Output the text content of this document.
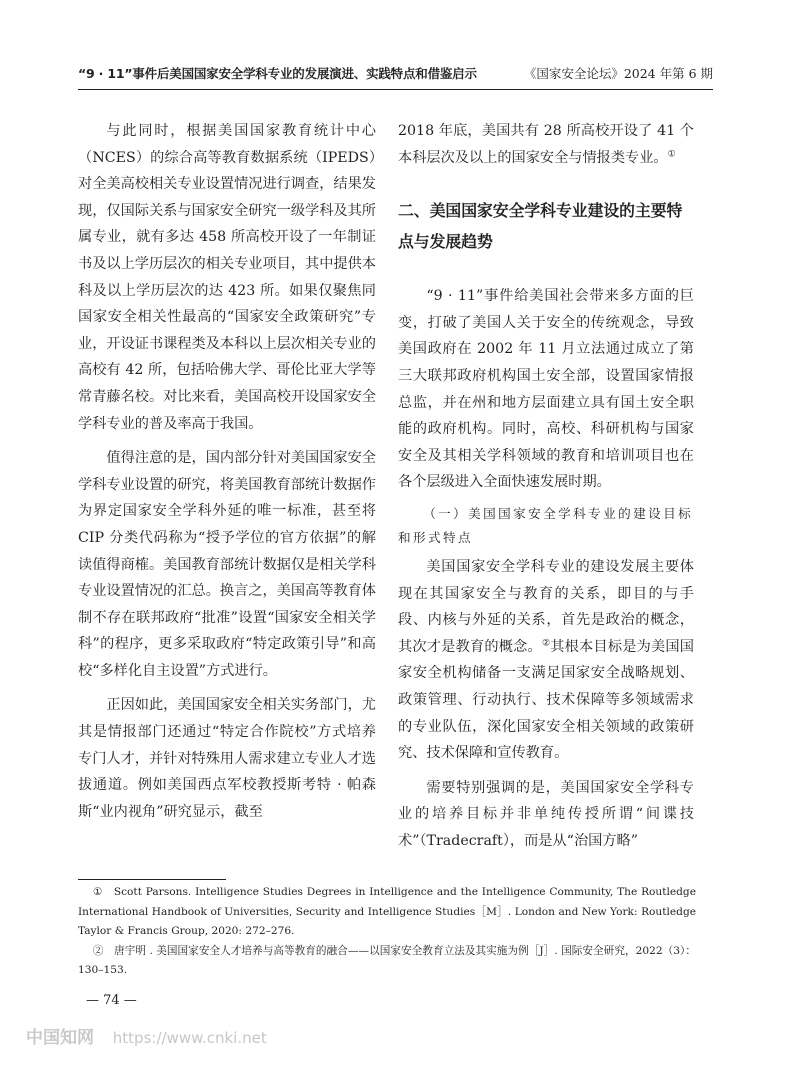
“9 · 11”事件后美国国家安全学科专业的发展演进、实践特点和借鉴启示	《国家安全论坛》2024 年第 6 期

与此同时，根据美国国家教育统计中心（NCES）的综合高等教育数据系统（IPEDS）对全美高校相关专业设置情况进行调查，结果发现，仅国际关系与国家安全研究一级学科及其所属专业，就有多达 458 所高校开设了一年制证书及以上学历层次的相关专业项目，其中提供本科及以上学历层次的达 423 所。如果仅聚焦同国家安全相关性最高的“国家安全政策研究”专业，开设证书课程类及本科以上层次相关专业的高校有 42 所，包括哈佛大学、哥伦比亚大学等常青藤名校。对比来看，美国高校开设国家安全学科专业的普及率高于我国。

值得注意的是，国内部分针对美国国家安全学科专业设置的研究，将美国教育部统计数据作为界定国家安全学科外延的唯一标准，甚至将 CIP 分类代码称为“授予学位的官方依据”的解读值得商榷。美国教育部统计数据仅是相关学科专业设置情况的汇总。换言之，美国高等教育体制不存在联邦政府“批准”设置“国家安全相关学科”的程序，更多采取政府“特定政策引导”和高校“多样化自主设置”方式进行。

正因如此，美国国家安全相关实务部门，尤其是情报部门还通过“特定合作院校”方式培养专门人才，并针对特殊用人需求建立专业人才选拔通道。例如美国西点军校教授斯考特 · 帕森斯“业内视角”研究显示，截至

2018 年底，美国共有 28 所高校开设了 41 个本科层次及以上的国家安全与情报类专业。①

二、美国国家安全学科专业建设的主要特点与发展趋势

“9 · 11”事件给美国社会带来多方面的巨变，打破了美国人关于安全的传统观念，导致美国政府在 2002 年 11 月立法通过成立了第三大联邦政府机构国土安全部，设置国家情报总监，并在州和地方层面建立具有国土安全职能的政府机构。同时，高校、科研机构与国家安全及其相关学科领域的教育和培训项目也在各个层级进入全面快速发展时期。

（一）美国国家安全学科专业的建设目标和形式特点

美国国家安全学科专业的建设发展主要体现在其国家安全与教育的关系，即目的与手段、内核与外延的关系，首先是政治的概念，其次才是教育的概念。②其根本目标是为美国国家安全机构储备一支满足国家安全战略规划、政策管理、行动执行、技术保障等多领域需求的专业队伍，深化国家安全相关领域的政策研究、技术保障和宣传教育。

需要特别强调的是，美国国家安全学科专业的培养目标并非单纯传授所谓“间谍技术”（Tradecraft），而是从“治国方略”

①　Scott Parsons. Intelligence Studies Degrees in Intelligence and the Intelligence Community, The Routledge International Handbook of Universities, Security and Intelligence Studies［M］. London and New York: Routledge Taylor & Francis Group, 2020: 272–276.

②　唐宇明 . 美国国家安全人才培养与高等教育的融合——以国家安全教育立法及其实施为例［J］. 国际安全研究，2022（3）：130–153.

— 74 —
中国知网 https://www.cnki.net
